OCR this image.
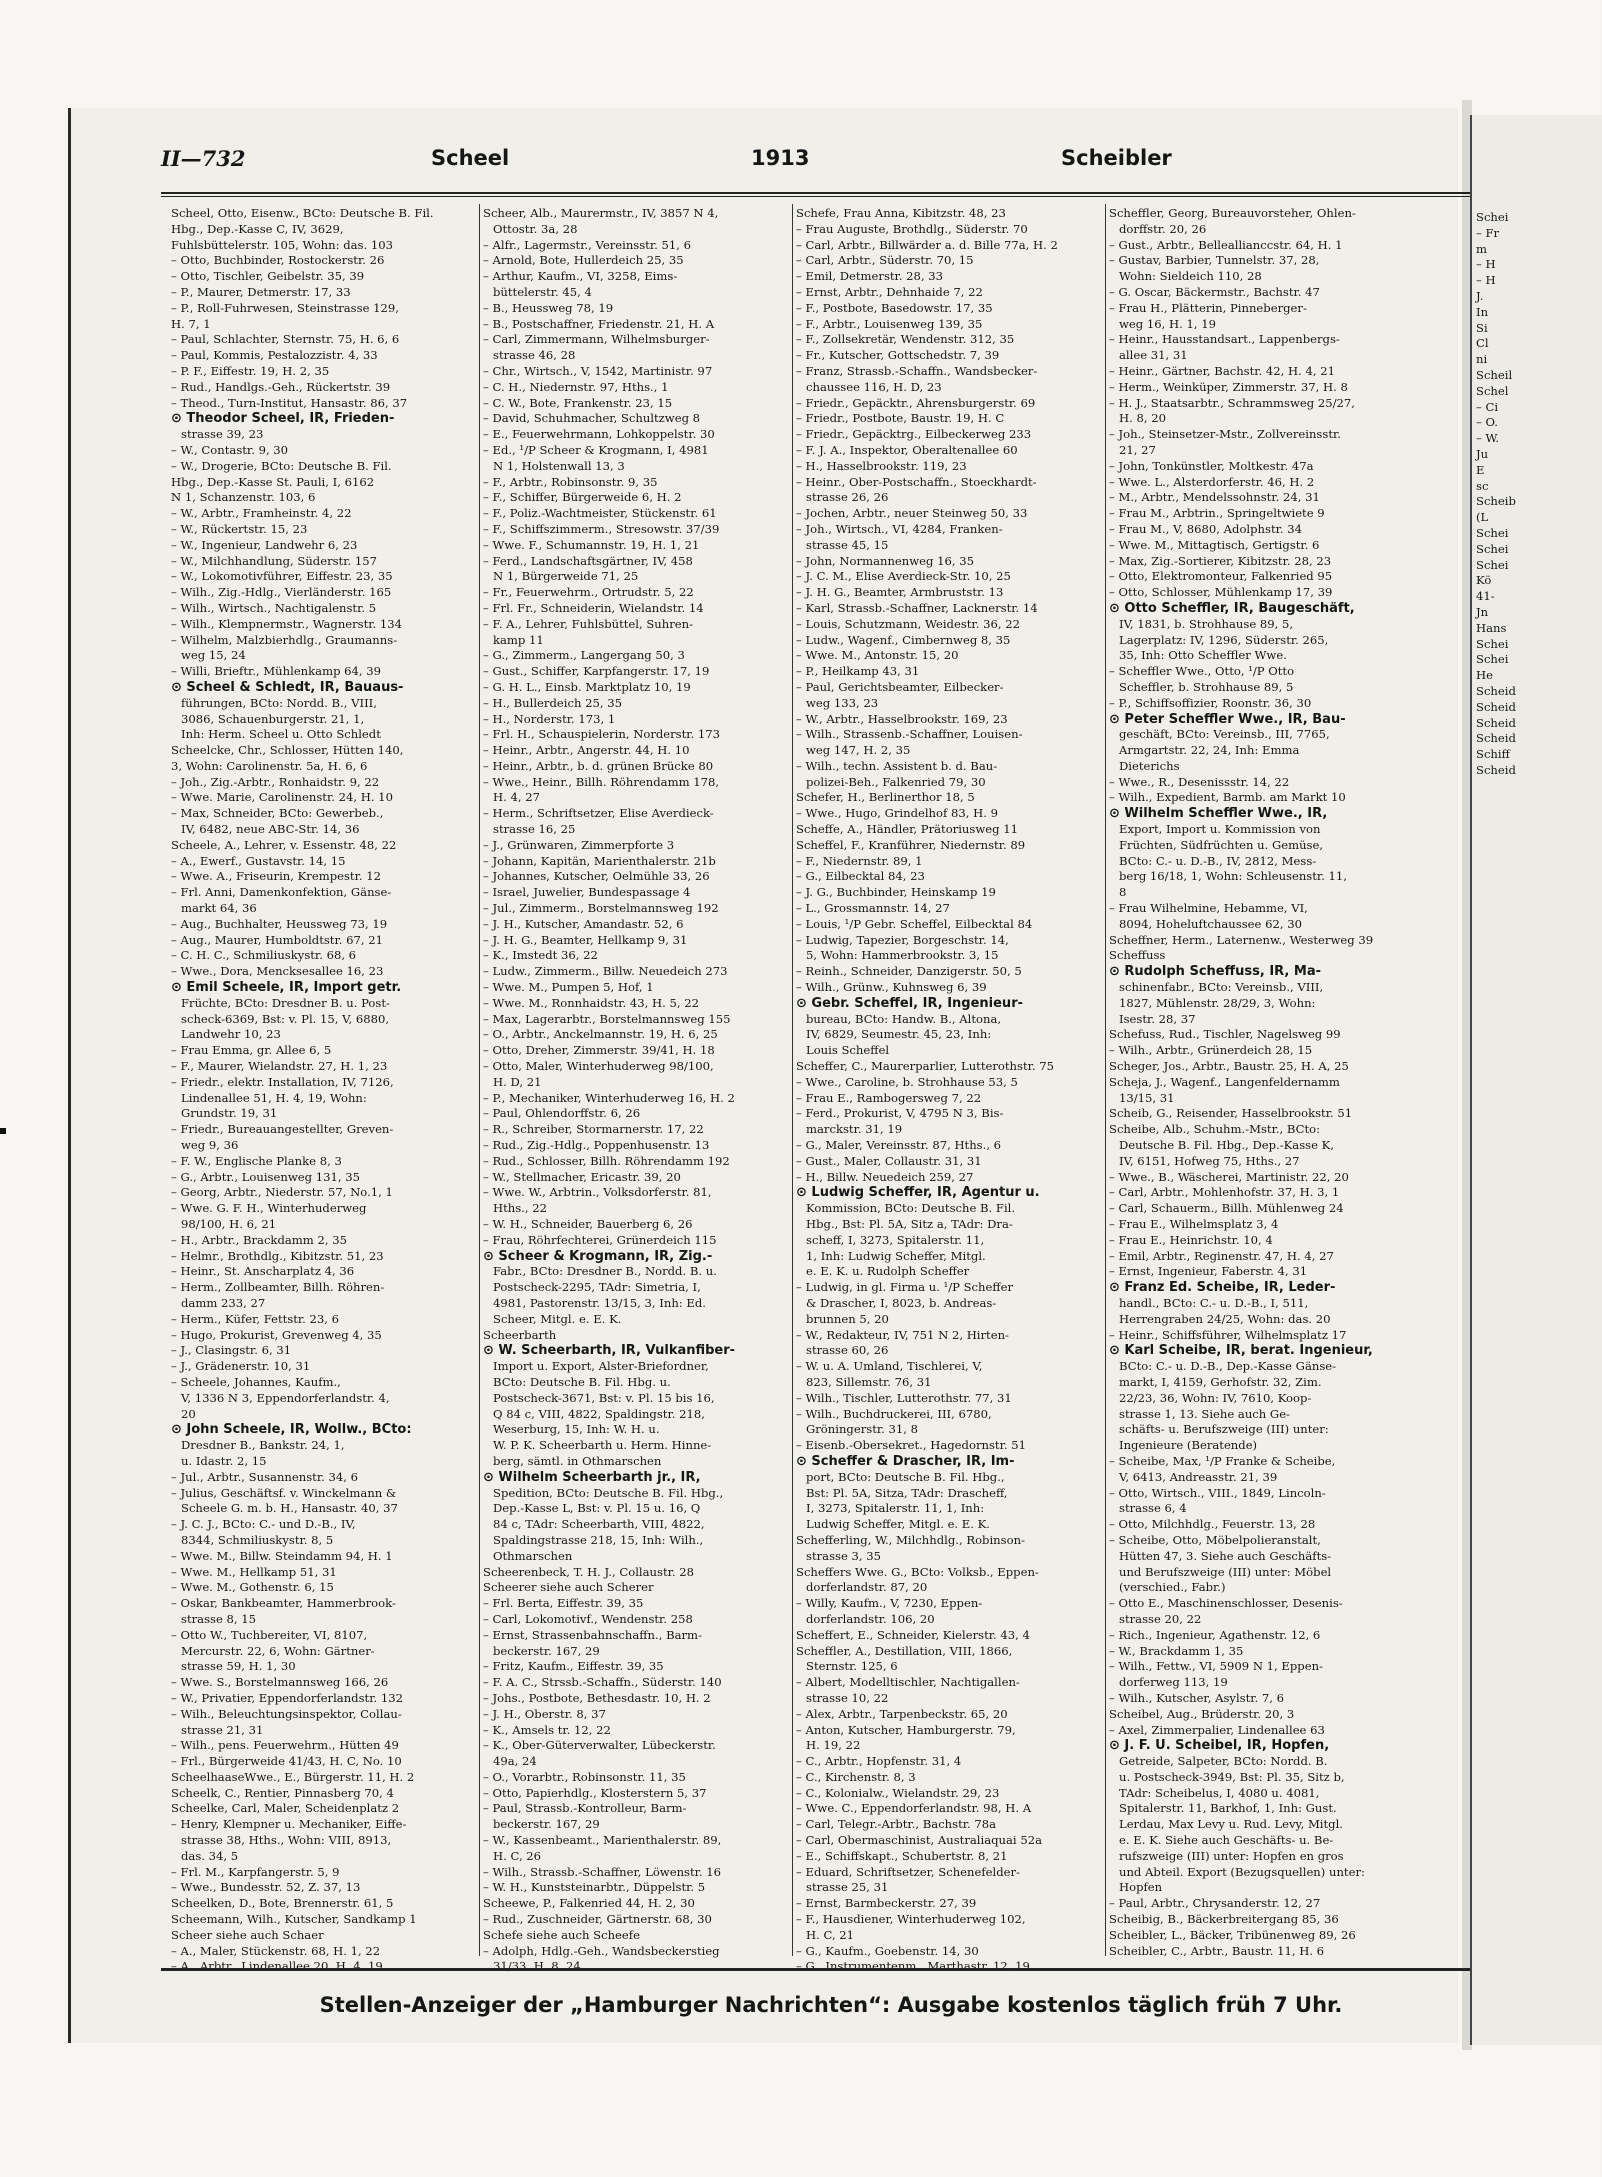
II—732	Scheel	1913	Scheibler

Scheel, Otto, Eisenw., BCto: Deutsche B. Fil.

Hbg., Dep.-Kasse C, IV, 3629,

Fuhlsbüttelerstr. 105, Wohn: das. 103

– Otto, Buchbinder, Rostockerstr. 26

– Otto, Tischler, Geibelstr. 35, 39

– P., Maurer, Detmerstr. 17, 33

– P., Roll-Fuhrwesen, Steinstrasse 129,

H. 7, 1

– Paul, Schlachter, Sternstr. 75, H. 6, 6

– Paul, Kommis, Pestalozzistr. 4, 33

– P. F., Eiffestr. 19, H. 2, 35

– Rud., Handlgs.-Geh., Rückertstr. 39

– Theod., Turn-Institut, Hansastr. 86, 37

⊙ Theodor Scheel, IR, Frieden-

strasse 39, 23

– W., Contastr. 9, 30

– W., Drogerie, BCto: Deutsche B. Fil.

Hbg., Dep.-Kasse St. Pauli, I, 6162

N 1, Schanzenstr. 103, 6

– W., Arbtr., Framheinstr. 4, 22

– W., Rückertstr. 15, 23

– W., Ingenieur, Landwehr 6, 23

– W., Milchhandlung, Süderstr. 157

– W., Lokomotivführer, Eiffestr. 23, 35

– Wilh., Zig.-Hdlg., Vierländerstr. 165

– Wilh., Wirtsch., Nachtigalenstr. 5

– Wilh., Klempnermstr., Wagnerstr. 134

– Wilhelm, Malzbierhdlg., Graumanns-

weg 15, 24

– Willi, Brieftr., Mühlenkamp 64, 39

⊙ Scheel & Schledt, IR, Bauaus-

führungen, BCto: Nordd. B., VIII,

3086, Schauenburgerstr. 21, 1,

Inh: Herm. Scheel u. Otto Schledt

Scheelcke, Chr., Schlosser, Hütten 140,

3, Wohn: Carolinenstr. 5a, H. 6, 6

– Joh., Zig.-Arbtr., Ronhaidstr. 9, 22

– Wwe. Marie, Carolinenstr. 24, H. 10

– Max, Schneider, BCto: Gewerbeb.,

IV, 6482, neue ABC-Str. 14, 36

Scheele, A., Lehrer, v. Essenstr. 48, 22

– A., Ewerf., Gustavstr. 14, 15

– Wwe. A., Friseurin, Krempestr. 12

– Frl. Anni, Damenkonfektion, Gänse-

markt 64, 36

– Aug., Buchhalter, Heussweg 73, 19

– Aug., Maurer, Humboldtstr. 67, 21

– C. H. C., Schmiliuskystr. 68, 6

– Wwe., Dora, Mencksesallee 16, 23

⊙ Emil Scheele, IR, Import getr.

Früchte, BCto: Dresdner B. u. Post-

scheck-6369, Bst: v. Pl. 15, V, 6880,

Landwehr 10, 23

– Frau Emma, gr. Allee 6, 5

– F., Maurer, Wielandstr. 27, H. 1, 23

– Friedr., elektr. Installation, IV, 7126,

Lindenallee 51, H. 4, 19, Wohn:

Grundstr. 19, 31

– Friedr., Bureauangestellter, Greven-

weg 9, 36

– F. W., Englische Planke 8, 3

– G., Arbtr., Louisenweg 131, 35

– Georg, Arbtr., Niederstr. 57, No.1, 1

– Wwe. G. F. H., Winterhuderweg

98/100, H. 6, 21

– H., Arbtr., Brackdamm 2, 35

– Helmr., Brothdlg., Kibitzstr. 51, 23

– Heinr., St. Anscharplatz 4, 36

– Herm., Zollbeamter, Billh. Röhren-

damm 233, 27

– Herm., Küfer, Fettstr. 23, 6

– Hugo, Prokurist, Grevenweg 4, 35

– J., Clasingstr. 6, 31

– J., Grädenerstr. 10, 31

– Scheele, Johannes, Kaufm.,

V, 1336 N 3, Eppendorferlandstr. 4,

20

⊙ John Scheele, IR, Wollw., BCto:

Dresdner B., Bankstr. 24, 1,

u. Idastr. 2, 15

– Jul., Arbtr., Susannenstr. 34, 6

– Julius, Geschäftsf. v. Winckelmann &

Scheele G. m. b. H., Hansastr. 40, 37

– J. C. J., BCto: C.- und D.-B., IV,

8344, Schmiliuskystr. 8, 5

– Wwe. M., Billw. Steindamm 94, H. 1

– Wwe. M., Hellkamp 51, 31

– Wwe. M., Gothenstr. 6, 15

– Oskar, Bankbeamter, Hammerbrook-

strasse 8, 15

– Otto W., Tuchbereiter, VI, 8107,

Mercurstr. 22, 6, Wohn: Gärtner-

strasse 59, H. 1, 30

– Wwe. S., Borstelmannsweg 166, 26

– W., Privatier, Eppendorferlandstr. 132

– Wilh., Beleuchtungsinspektor, Collau-

strasse 21, 31

– Wilh., pens. Feuerwehrm., Hütten 49

– Frl., Bürgerweide 41/43, H. C, No. 10

ScheelhaaseWwe., E., Bürgerstr. 11, H. 2

Scheelk, C., Rentier, Pinnasberg 70, 4

Scheelke, Carl, Maler, Scheidenplatz 2

– Henry, Klempner u. Mechaniker, Eiffe-

strasse 38, Hths., Wohn: VIII, 8913,

das. 34, 5

– Frl. M., Karpfangerstr. 5, 9

– Wwe., Bundesstr. 52, Z. 37, 13

Scheelken, D., Bote, Brennerstr. 61, 5

Scheemann, Wilh., Kutscher, Sandkamp 1

Scheer siehe auch Schaer

– A., Maler, Stückenstr. 68, H. 1, 22

– A., Arbtr., Lindenallee 20, H. 4, 19

Scheer, Alb., Maurermstr., IV, 3857 N 4,

Ottostr. 3a, 28

– Alfr., Lagermstr., Vereinsstr. 51, 6

– Arnold, Bote, Hullerdeich 25, 35

– Arthur, Kaufm., VI, 3258, Eims-

büttelerstr. 45, 4

– B., Heussweg 78, 19

– B., Postschaffner, Friedenstr. 21, H. A

– Carl, Zimmermann, Wilhelmsburger-

strasse 46, 28

– Chr., Wirtsch., V, 1542, Martinistr. 97

– C. H., Niedernstr. 97, Hths., 1

– C. W., Bote, Frankenstr. 23, 15

– David, Schuhmacher, Schultzweg 8

– E., Feuerwehrmann, Lohkoppelstr. 30

– Ed., ¹/P Scheer & Krogmann, I, 4981

N 1, Holstenwall 13, 3

– F., Arbtr., Robinsonstr. 9, 35

– F., Schiffer, Bürgerweide 6, H. 2

– F., Poliz.-Wachtmeister, Stückenstr. 61

– F., Schiffszimmerm., Stresowstr. 37/39

– Wwe. F., Schumannstr. 19, H. 1, 21

– Ferd., Landschaftsgärtner, IV, 458

N 1, Bürgerweide 71, 25

– Fr., Feuerwehrm., Ortrudstr. 5, 22

– Frl. Fr., Schneiderin, Wielandstr. 14

– F. A., Lehrer, Fuhlsbüttel, Suhren-

kamp 11

– G., Zimmerm., Langergang 50, 3

– Gust., Schiffer, Karpfangerstr. 17, 19

– G. H. L., Einsb. Marktplatz 10, 19

– H., Bullerdeich 25, 35

– H., Norderstr. 173, 1

– Frl. H., Schauspielerin, Norderstr. 173

– Heinr., Arbtr., Angerstr. 44, H. 10

– Heinr., Arbtr., b. d. grünen Brücke 80

– Wwe., Heinr., Billh. Röhrendamm 178,

H. 4, 27

– Herm., Schriftsetzer, Elise Averdieck-

strasse 16, 25

– J., Grünwaren, Zimmerpforte 3

– Johann, Kapitän, Marienthalerstr. 21b

– Johannes, Kutscher, Oelmühle 33, 26

– Israel, Juwelier, Bundespassage 4

– Jul., Zimmerm., Borstelmannsweg 192

– J. H., Kutscher, Amandastr. 52, 6

– J. H. G., Beamter, Hellkamp 9, 31

– K., Imstedt 36, 22

– Ludw., Zimmerm., Billw. Neuedeich 273

– Wwe. M., Pumpen 5, Hof, 1

– Wwe. M., Ronnhaidstr. 43, H. 5, 22

– Max, Lagerarbtr., Borstelmannsweg 155

– O., Arbtr., Anckelmannstr. 19, H. 6, 25

– Otto, Dreher, Zimmerstr. 39/41, H. 18

– Otto, Maler, Winterhuderweg 98/100,

H. D, 21

– P., Mechaniker, Winterhuderweg 16, H. 2

– Paul, Ohlendorffstr. 6, 26

– R., Schreiber, Stormarnerstr. 17, 22

– Rud., Zig.-Hdlg., Poppenhusenstr. 13

– Rud., Schlosser, Billh. Röhrendamm 192

– W., Stellmacher, Ericastr. 39, 20

– Wwe. W., Arbtrin., Volksdorferstr. 81,

Hths., 22

– W. H., Schneider, Bauerberg 6, 26

– Frau, Röhrfechterei, Grünerdeich 115

⊙ Scheer & Krogmann, IR, Zig.-

Fabr., BCto: Dresdner B., Nordd. B. u.

Postscheck-2295, TAdr: Simetria, I,

4981, Pastorenstr. 13/15, 3, Inh: Ed.

Scheer, Mitgl. e. E. K.

Scheerbarth

⊙ W. Scheerbarth, IR, Vulkanfiber-

Import u. Export, Alster-Briefordner,

BCto: Deutsche B. Fil. Hbg. u.

Postscheck-3671, Bst: v. Pl. 15 bis 16,

Q 84 c, VIII, 4822, Spaldingstr. 218,

Weserburg, 15, Inh: W. H. u.

W. P. K. Scheerbarth u. Herm. Hinne-

berg, sämtl. in Othmarschen

⊙ Wilhelm Scheerbarth jr., IR,

Spedition, BCto: Deutsche B. Fil. Hbg.,

Dep.-Kasse L, Bst: v. Pl. 15 u. 16, Q

84 c, TAdr: Scheerbarth, VIII, 4822,

Spaldingstrasse 218, 15, Inh: Wilh.,

Othmarschen

Scheerenbeck, T. H. J., Collaustr. 28

Scheerer siehe auch Scherer

– Frl. Berta, Eiffestr. 39, 35

– Carl, Lokomotivf., Wendenstr. 258

– Ernst, Strassenbahnschaffn., Barm-

beckerstr. 167, 29

– Fritz, Kaufm., Eiffestr. 39, 35

– F. A. C., Strssb.-Schaffn., Süderstr. 140

– Johs., Postbote, Bethesdastr. 10, H. 2

– J. H., Oberstr. 8, 37

– K., Amsels tr. 12, 22

– K., Ober-Güterverwalter, Lübeckerstr.

49a, 24

– O., Vorarbtr., Robinsonstr. 11, 35

– Otto, Papierhdlg., Klosterstern 5, 37

– Paul, Strassb.-Kontrolleur, Barm-

beckerstr. 167, 29

– W., Kassenbeamt., Marienthalerstr. 89,

H. C, 26

– Wilh., Strassb.-Schaffner, Löwenstr. 16

– W. H., Kunststeinarbtr., Düppelstr. 5

Scheewe, P., Falkenried 44, H. 2, 30

– Rud., Zuschneider, Gärtnerstr. 68, 30

Schefe siehe auch Scheefe

– Adolph, Hdlg.-Geh., Wandsbeckerstieg

31/33, H. 8, 24

Schefe, Frau Anna, Kibitzstr. 48, 23

– Frau Auguste, Brothdlg., Süderstr. 70

– Carl, Arbtr., Billwärder a. d. Bille 77a, H. 2

– Carl, Arbtr., Süderstr. 70, 15

– Emil, Detmerstr. 28, 33

– Ernst, Arbtr., Dehnhaide 7, 22

– F., Postbote, Basedowstr. 17, 35

– F., Arbtr., Louisenweg 139, 35

– F., Zollsekretär, Wendenstr. 312, 35

– Fr., Kutscher, Gottschedstr. 7, 39

– Franz, Strassb.-Schaffn., Wandsbecker-

chaussee 116, H. D, 23

– Friedr., Gepäcktr., Ahrensburgerstr. 69

– Friedr., Postbote, Baustr. 19, H. C

– Friedr., Gepäcktrg., Eilbeckerweg 233

– F. J. A., Inspektor, Oberaltenallee 60

– H., Hasselbrookstr. 119, 23

– Heinr., Ober-Postschaffn., Stoeckhardt-

strasse 26, 26

– Jochen, Arbtr., neuer Steinweg 50, 33

– Joh., Wirtsch., VI, 4284, Franken-

strasse 45, 15

– John, Normannenweg 16, 35

– J. C. M., Elise Averdieck-Str. 10, 25

– J. H. G., Beamter, Armbruststr. 13

– Karl, Strassb.-Schaffner, Lacknerstr. 14

– Louis, Schutzmann, Weidestr. 36, 22

– Ludw., Wagenf., Cimbernweg 8, 35

– Wwe. M., Antonstr. 15, 20

– P., Heilkamp 43, 31

– Paul, Gerichtsbeamter, Eilbecker-

weg 133, 23

– W., Arbtr., Hasselbrookstr. 169, 23

– Wilh., Strassenb.-Schaffner, Louisen-

weg 147, H. 2, 35

– Wilh., techn. Assistent b. d. Bau-

polizei-Beh., Falkenried 79, 30

Schefer, H., Berlinerthor 18, 5

– Wwe., Hugo, Grindelhof 83, H. 9

Scheffe, A., Händler, Prätoriusweg 11

Scheffel, F., Kranführer, Niedernstr. 89

– F., Niedernstr. 89, 1

– G., Eilbecktal 84, 23

– J. G., Buchbinder, Heinskamp 19

– L., Grossmannstr. 14, 27

– Louis, ¹/P Gebr. Scheffel, Eilbecktal 84

– Ludwig, Tapezier, Borgeschstr. 14,

5, Wohn: Hammerbrookstr. 3, 15

– Reinh., Schneider, Danzigerstr. 50, 5

– Wilh., Grünw., Kuhnsweg 6, 39

⊙ Gebr. Scheffel, IR, Ingenieur-

bureau, BCto: Handw. B., Altona,

IV, 6829, Seumestr. 45, 23, Inh:

Louis Scheffel

Scheffer, C., Maurerparlier, Lutterothstr. 75

– Wwe., Caroline, b. Strohhause 53, 5

– Frau E., Rambogersweg 7, 22

– Ferd., Prokurist, V, 4795 N 3, Bis-

marckstr. 31, 19

– G., Maler, Vereinsstr. 87, Hths., 6

– Gust., Maler, Collaustr. 31, 31

– H., Billw. Neuedeich 259, 27

⊙ Ludwig Scheffer, IR, Agentur u.

Kommission, BCto: Deutsche B. Fil.

Hbg., Bst: Pl. 5A, Sitz a, TAdr: Dra-

scheff, I, 3273, Spitalerstr. 11,

1, Inh: Ludwig Scheffer, Mitgl.

e. E. K. u. Rudolph Scheffer

– Ludwig, in gl. Firma u. ¹/P Scheffer

& Drascher, I, 8023, b. Andreas-

brunnen 5, 20

– W., Redakteur, IV, 751 N 2, Hirten-

strasse 60, 26

– W. u. A. Umland, Tischlerei, V,

823, Sillemstr. 76, 31

– Wilh., Tischler, Lutterothstr. 77, 31

– Wilh., Buchdruckerei, III, 6780,

Gröningerstr. 31, 8

– Eisenb.-Obersekret., Hagedornstr. 51

⊙ Scheffer & Drascher, IR, Im-

port, BCto: Deutsche B. Fil. Hbg.,

Bst: Pl. 5A, Sitza, TAdr: Drascheff,

I, 3273, Spitalerstr. 11, 1, Inh:

Ludwig Scheffer, Mitgl. e. E. K.

Schefferling, W., Milchhdlg., Robinson-

strasse 3, 35

Scheffers Wwe. G., BCto: Volksb., Eppen-

dorferlandstr. 87, 20

– Willy, Kaufm., V, 7230, Eppen-

dorferlandstr. 106, 20

Scheffert, E., Schneider, Kielerstr. 43, 4

Scheffler, A., Destillation, VIII, 1866,

Sternstr. 125, 6

– Albert, Modelltischler, Nachtigallen-

strasse 10, 22

– Alex, Arbtr., Tarpenbeckstr. 65, 20

– Anton, Kutscher, Hamburgerstr. 79,

H. 19, 22

– C., Arbtr., Hopfenstr. 31, 4

– C., Kirchenstr. 8, 3

– C., Kolonialw., Wielandstr. 29, 23

– Wwe. C., Eppendorferlandstr. 98, H. A

– Carl, Telegr.-Arbtr., Bachstr. 78a

– Carl, Obermaschinist, Australiaquai 52a

– E., Schiffskapt., Schubertstr. 8, 21

– Eduard, Schriftsetzer, Schenefelder-

strasse 25, 31

– Ernst, Barmbeckerstr. 27, 39

– F., Hausdiener, Winterhuderweg 102,

H. C, 21

– G., Kaufm., Goebenstr. 14, 30

– G., Instrumentenm., Marthastr. 12, 19

Scheffler, Georg, Bureauvorsteher, Ohlen-

dorffstr. 20, 26

– Gust., Arbtr., Belleallianccstr. 64, H. 1

– Gustav, Barbier, Tunnelstr. 37, 28,

Wohn: Sieldeich 110, 28

– G. Oscar, Bäckermstr., Bachstr. 47

– Frau H., Plätterin, Pinneberger-

weg 16, H. 1, 19

– Heinr., Hausstandsart., Lappenbergs-

allee 31, 31

– Heinr., Gärtner, Bachstr. 42, H. 4, 21

– Herm., Weinküper, Zimmerstr. 37, H. 8

– H. J., Staatsarbtr., Schrammsweg 25/27,

H. 8, 20

– Joh., Steinsetzer-Mstr., Zollvereinsstr.

21, 27

– John, Tonkünstler, Moltkestr. 47a

– Wwe. L., Alsterdorferstr. 46, H. 2

– M., Arbtr., Mendelssohnstr. 24, 31

– Frau M., Arbtrin., Springeltwiete 9

– Frau M., V, 8680, Adolphstr. 34

– Wwe. M., Mittagtisch, Gertigstr. 6

– Max, Zig.-Sortierer, Kibitzstr. 28, 23

– Otto, Elektromonteur, Falkenried 95

– Otto, Schlosser, Mühlenkamp 17, 39

⊙ Otto Scheffler, IR, Baugeschäft,

IV, 1831, b. Strohhause 89, 5,

Lagerplatz: IV, 1296, Süderstr. 265,

35, Inh: Otto Scheffler Wwe.

– Scheffler Wwe., Otto, ¹/P Otto

Scheffler, b. Strohhause 89, 5

– P., Schiffsoffizier, Roonstr. 36, 30

⊙ Peter Scheffler Wwe., IR, Bau-

geschäft, BCto: Vereinsb., III, 7765,

Armgartstr. 22, 24, Inh: Emma

Dieterichs

– Wwe., R., Desenissstr. 14, 22

– Wilh., Expedient, Barmb. am Markt 10

⊙ Wilhelm Scheffler Wwe., IR,

Export, Import u. Kommission von

Früchten, Südfrüchten u. Gemüse,

BCto: C.- u. D.-B., IV, 2812, Mess-

berg 16/18, 1, Wohn: Schleusenstr. 11,

8

– Frau Wilhelmine, Hebamme, VI,

8094, Hoheluftchaussee 62, 30

Scheffner, Herm., Laternenw., Westerweg 39

Scheffuss

⊙ Rudolph Scheffuss, IR, Ma-

schinenfabr., BCto: Vereinsb., VIII,

1827, Mühlenstr. 28/29, 3, Wohn:

Isestr. 28, 37

Schefuss, Rud., Tischler, Nagelsweg 99

– Wilh., Arbtr., Grünerdeich 28, 15

Scheger, Jos., Arbtr., Baustr. 25, H. A, 25

Scheja, J., Wagenf., Langenfeldernamm

13/15, 31

Scheib, G., Reisender, Hasselbrookstr. 51

Scheibe, Alb., Schuhm.-Mstr., BCto:

Deutsche B. Fil. Hbg., Dep.-Kasse K,

IV, 6151, Hofweg 75, Hths., 27

– Wwe., B., Wäscherei, Martinistr. 22, 20

– Carl, Arbtr., Mohlenhofstr. 37, H. 3, 1

– Carl, Schauerm., Billh. Mühlenweg 24

– Frau E., Wilhelmsplatz 3, 4

– Frau E., Heinrichstr. 10, 4

– Emil, Arbtr., Reginenstr. 47, H. 4, 27

– Ernst, Ingenieur, Faberstr. 4, 31

⊙ Franz Ed. Scheibe, IR, Leder-

handl., BCto: C.- u. D.-B., I, 511,

Herrengraben 24/25, Wohn: das. 20

– Heinr., Schiffsführer, Wilhelmsplatz 17

⊙ Karl Scheibe, IR, berat. Ingenieur,

BCto: C.- u. D.-B., Dep.-Kasse Gänse-

markt, I, 4159, Gerhofstr. 32, Zim.

22/23, 36, Wohn: IV, 7610, Koop-

strasse 1, 13. Siehe auch Ge-

schäfts- u. Berufszweige (III) unter:

Ingenieure (Beratende)

– Scheibe, Max, ¹/P Franke & Scheibe,

V, 6413, Andreasstr. 21, 39

– Otto, Wirtsch., VIII., 1849, Lincoln-

strasse 6, 4

– Otto, Milchhdlg., Feuerstr. 13, 28

– Scheibe, Otto, Möbelpolieranstalt,

Hütten 47, 3. Siehe auch Geschäfts-

und Berufszweige (III) unter: Möbel

(verschied., Fabr.)

– Otto E., Maschinenschlosser, Desenis-

strasse 20, 22

– Rich., Ingenieur, Agathenstr. 12, 6

– W., Brackdamm 1, 35

– Wilh., Fettw., VI, 5909 N 1, Eppen-

dorferweg 113, 19

– Wilh., Kutscher, Asylstr. 7, 6

Scheibel, Aug., Brüderstr. 20, 3

– Axel, Zimmerpalier, Lindenallee 63

⊙ J. F. U. Scheibel, IR, Hopfen,

Getreide, Salpeter, BCto: Nordd. B.

u. Postscheck-3949, Bst: Pl. 35, Sitz b,

TAdr: Scheibelus, I, 4080 u. 4081,

Spitalerstr. 11, Barkhof, 1, Inh: Gust.

Lerdau, Max Levy u. Rud. Levy, Mitgl.

e. E. K. Siehe auch Geschäfts- u. Be-

rufszweige (III) unter: Hopfen en gros

und Abteil. Export (Bezugsquellen) unter:

Hopfen

– Paul, Arbtr., Chrysanderstr. 12, 27

Scheibig, B., Bäckerbreitergang 85, 36

Scheibler, L., Bäcker, Tribünenweg 89, 26

Scheibler, C., Arbtr., Baustr. 11, H. 6

Stellen-Anzeiger der „Hamburger Nachrichten“: Ausgabe kostenlos täglich früh 7 Uhr.

Schei

– Fr

m

– H

– H

J.

In

Si

Cl

ni

Scheil

Schel

– Ci

– O.

– W.

Ju

E

sc

Scheib

(L

Schei

Schei

Schei

Kö

41-

Jn

Hans

Schei

Schei

He

Scheid

Scheid

Scheid

Scheid

Schiff

Scheid
